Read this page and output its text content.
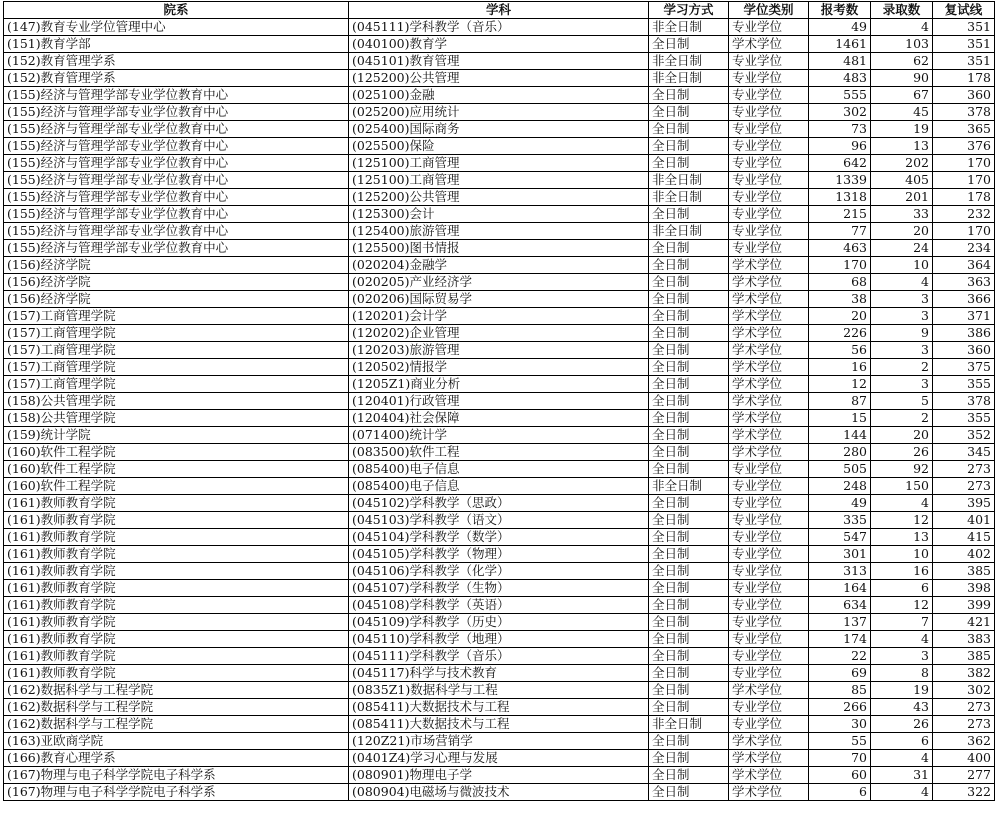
院系	学科	学习方式	学位类别	报考数	录取数	复试线
(147)教育专业学位管理中心	(045111)学科教学（音乐）	非全日制	专业学位	49	4	351
(151)教育学部	(040100)教育学	全日制	学术学位	1461	103	351
(152)教育管理学系	(045101)教育管理	非全日制	专业学位	481	62	351
(152)教育管理学系	(125200)公共管理	非全日制	专业学位	483	90	178
(155)经济与管理学部专业学位教育中心	(025100)金融	全日制	专业学位	555	67	360
(155)经济与管理学部专业学位教育中心	(025200)应用统计	全日制	专业学位	302	45	378
(155)经济与管理学部专业学位教育中心	(025400)国际商务	全日制	专业学位	73	19	365
(155)经济与管理学部专业学位教育中心	(025500)保险	全日制	专业学位	96	13	376
(155)经济与管理学部专业学位教育中心	(125100)工商管理	全日制	专业学位	642	202	170
(155)经济与管理学部专业学位教育中心	(125100)工商管理	非全日制	专业学位	1339	405	170
(155)经济与管理学部专业学位教育中心	(125200)公共管理	非全日制	专业学位	1318	201	178
(155)经济与管理学部专业学位教育中心	(125300)会计	全日制	专业学位	215	33	232
(155)经济与管理学部专业学位教育中心	(125400)旅游管理	非全日制	专业学位	77	20	170
(155)经济与管理学部专业学位教育中心	(125500)图书情报	全日制	专业学位	463	24	234
(156)经济学院	(020204)金融学	全日制	学术学位	170	10	364
(156)经济学院	(020205)产业经济学	全日制	学术学位	68	4	363
(156)经济学院	(020206)国际贸易学	全日制	学术学位	38	3	366
(157)工商管理学院	(120201)会计学	全日制	学术学位	20	3	371
(157)工商管理学院	(120202)企业管理	全日制	学术学位	226	9	386
(157)工商管理学院	(120203)旅游管理	全日制	学术学位	56	3	360
(157)工商管理学院	(120502)情报学	全日制	学术学位	16	2	375
(157)工商管理学院	(1205Z1)商业分析	全日制	学术学位	12	3	355
(158)公共管理学院	(120401)行政管理	全日制	学术学位	87	5	378
(158)公共管理学院	(120404)社会保障	全日制	学术学位	15	2	355
(159)统计学院	(071400)统计学	全日制	学术学位	144	20	352
(160)软件工程学院	(083500)软件工程	全日制	学术学位	280	26	345
(160)软件工程学院	(085400)电子信息	全日制	专业学位	505	92	273
(160)软件工程学院	(085400)电子信息	非全日制	专业学位	248	150	273
(161)教师教育学院	(045102)学科教学（思政）	全日制	专业学位	49	4	395
(161)教师教育学院	(045103)学科教学（语文）	全日制	专业学位	335	12	401
(161)教师教育学院	(045104)学科教学（数学）	全日制	专业学位	547	13	415
(161)教师教育学院	(045105)学科教学（物理）	全日制	专业学位	301	10	402
(161)教师教育学院	(045106)学科教学（化学）	全日制	专业学位	313	16	385
(161)教师教育学院	(045107)学科教学（生物）	全日制	专业学位	164	6	398
(161)教师教育学院	(045108)学科教学（英语）	全日制	专业学位	634	12	399
(161)教师教育学院	(045109)学科教学（历史）	全日制	专业学位	137	7	421
(161)教师教育学院	(045110)学科教学（地理）	全日制	专业学位	174	4	383
(161)教师教育学院	(045111)学科教学（音乐）	全日制	专业学位	22	3	385
(161)教师教育学院	(045117)科学与技术教育	全日制	专业学位	69	8	382
(162)数据科学与工程学院	(0835Z1)数据科学与工程	全日制	学术学位	85	19	302
(162)数据科学与工程学院	(085411)大数据技术与工程	全日制	专业学位	266	43	273
(162)数据科学与工程学院	(085411)大数据技术与工程	非全日制	专业学位	30	26	273
(163)亚欧商学院	(120Z21)市场营销学	全日制	学术学位	55	6	362
(166)教育心理学系	(0401Z4)学习心理与发展	全日制	学术学位	70	4	400
(167)物理与电子科学学院电子科学系	(080901)物理电子学	全日制	学术学位	60	31	277
(167)物理与电子科学学院电子科学系	(080904)电磁场与微波技术	全日制	学术学位	6	4	322
